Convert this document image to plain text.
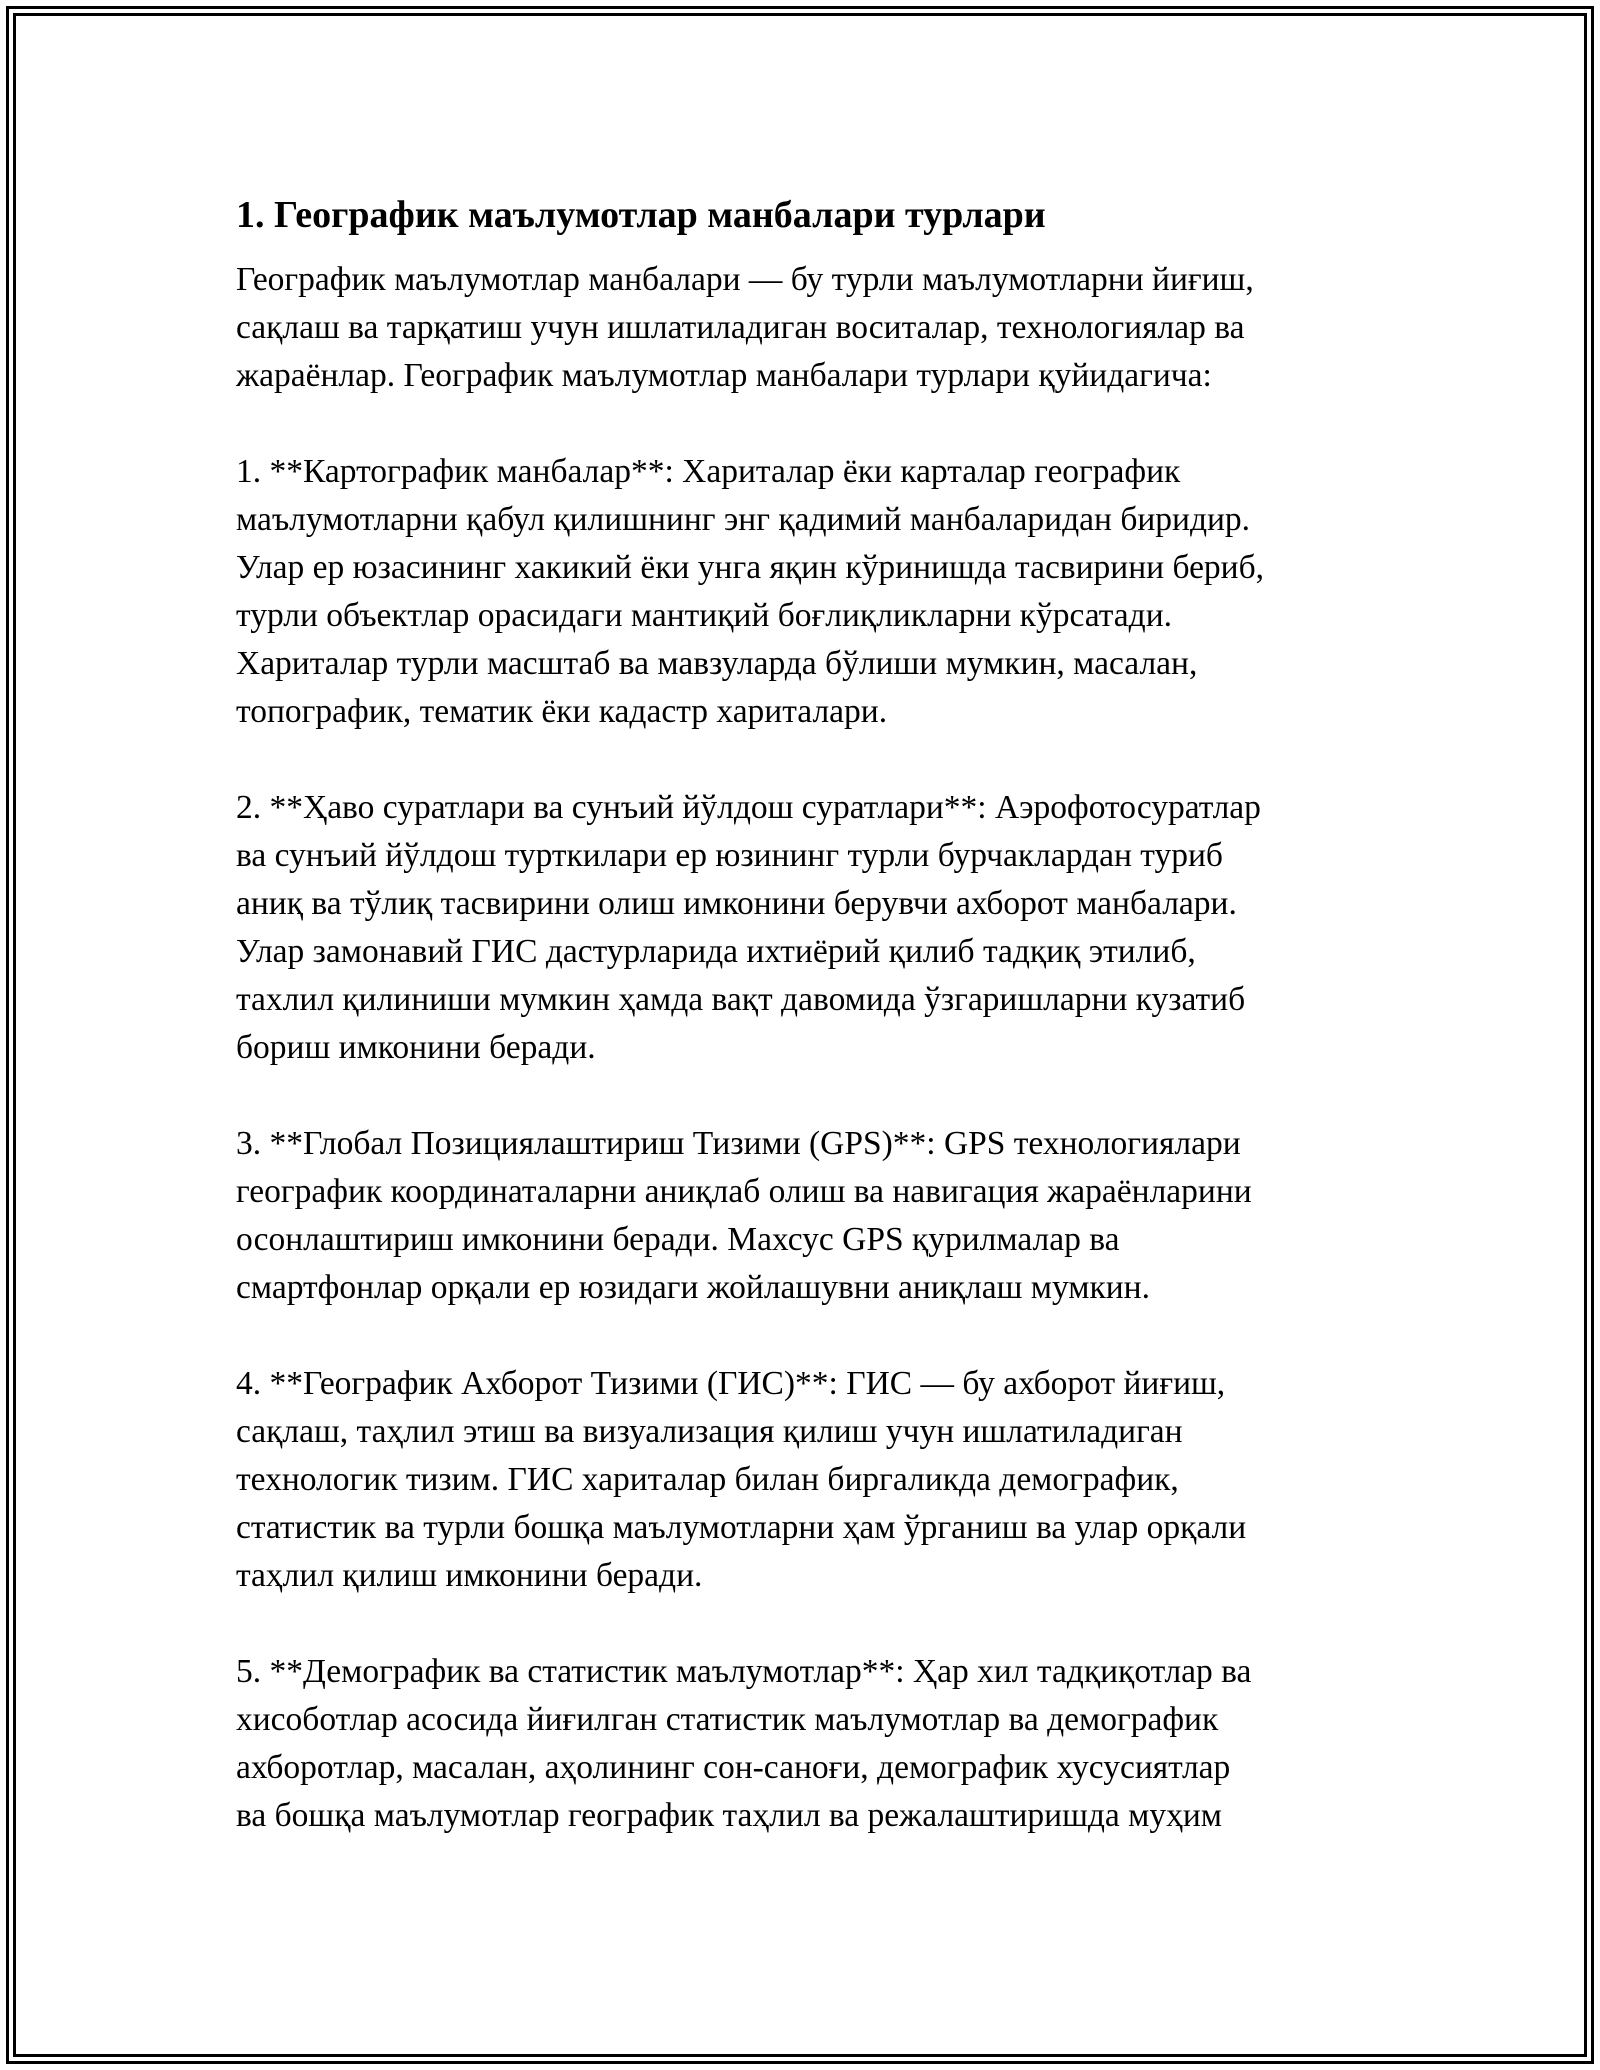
1. Географик маълумотлар манбалари турлари

Географик маълумотлар манбалари — бу турли маълумотларни йиғиш,
сақлаш ва тарқатиш учун ишлатиладиган воситалар, технологиялар ва
жараёнлар. Географик маълумотлар манбалари турлари қуйидагича:

1. **Картографик манбалар**: Хариталар ёки карталар географик
маълумотларни қабул қилишнинг энг қадимий манбаларидан биридир.
Улар ер юзасининг хакикий ёки унга яқин кўринишда тасвирини бериб,
турли объектлар орасидаги мантиқий боғлиқликларни кўрсатади.
Хариталар турли масштаб ва мавзуларда бўлиши мумкин, масалан,
топографик, тематик ёки кадастр хариталари.

2. **Ҳаво суратлари ва сунъий йўлдош суратлари**: Аэрофотосуратлар
ва сунъий йўлдош турткилари ер юзининг турли бурчаклардан туриб
аниқ ва тўлиқ тасвирини олиш имконини берувчи ахборот манбалари.
Улар замонавий ГИС дастурларида ихтиёрий қилиб тадқиқ этилиб,
тахлил қилиниши мумкин ҳамда вақт давомида ўзгаришларни кузатиб
бориш имконини беради.

3. **Глобал Позициялаштириш Тизими (GPS)**: GPS технологиялари
географик координаталарни аниқлаб олиш ва навигация жараёнларини
осонлаштириш имконини беради. Махсус GPS қурилмалар ва
смартфонлар орқали ер юзидаги жойлашувни аниқлаш мумкин.

4. **Географик Ахборот Тизими (ГИС)**: ГИС — бу ахборот йиғиш,
сақлаш, таҳлил этиш ва визуализация қилиш учун ишлатиладиган
технологик тизим. ГИС хариталар билан биргаликда демографик,
статистик ва турли бошқа маълумотларни ҳам ўрганиш ва улар орқали
таҳлил қилиш имконини беради.

5. **Демографик ва статистик маълумотлар**: Ҳар хил тадқиқотлар ва
хисоботлар асосида йиғилган статистик маълумотлар ва демографик
ахборотлар, масалан, аҳолининг сон-саноғи, демографик хусусиятлар
ва бошқа маълумотлар географик таҳлил ва режалаштиришда муҳим
